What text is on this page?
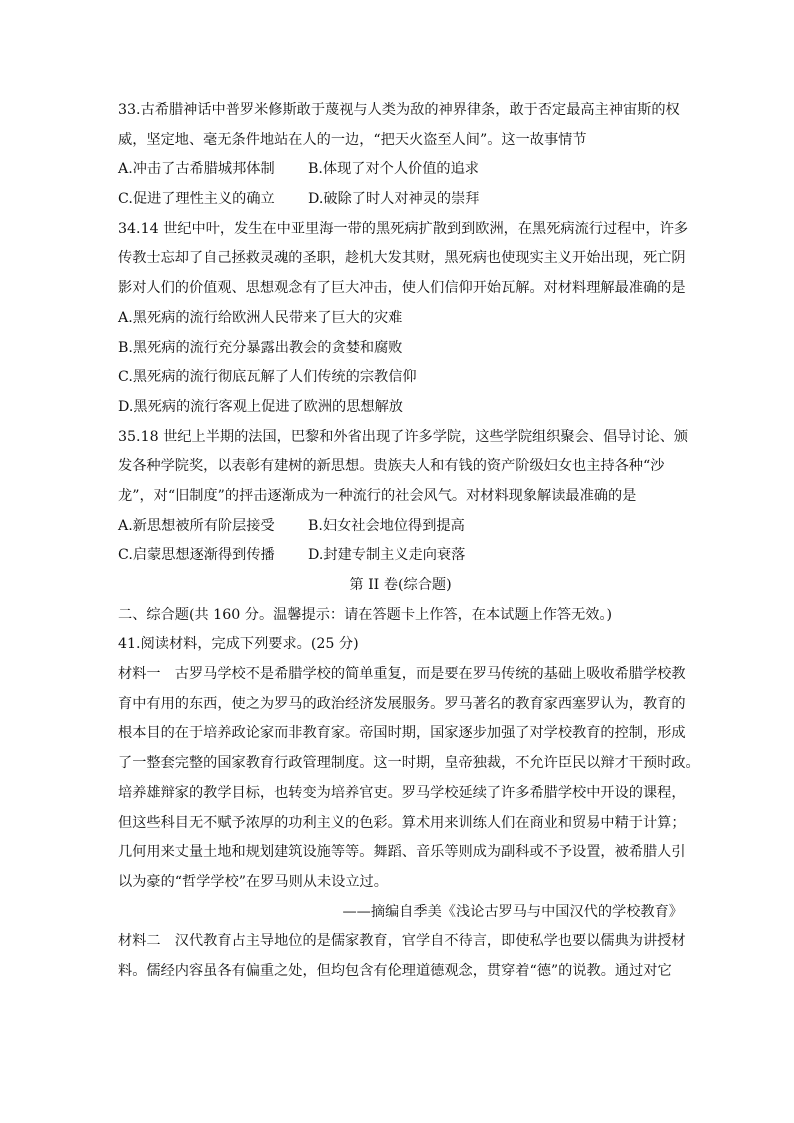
33.古希腊神话中普罗米修斯敢于蔑视与人类为敌的神界律条，敢于否定最高主神宙斯的权
威，坚定地、毫无条件地站在人的一边，“把天火盗至人间”。这一故事情节
A.冲击了古希腊城邦体制	B.体现了对个人价值的追求
C.促进了理性主义的确立	D.破除了时人对神灵的崇拜
34.14 世纪中叶，发生在中亚里海一带的黑死病扩散到到欧洲，在黑死病流行过程中，许多
传教士忘却了自己拯救灵魂的圣职，趁机大发其财，黑死病也使现实主义开始出现，死亡阴
影对人们的价值观、思想观念有了巨大冲击，使人们信仰开始瓦解。对材料理解最准确的是
A.黑死病的流行给欧洲人民带来了巨大的灾难
B.黑死病的流行充分暴露出教会的贪婪和腐败
C.黑死病的流行彻底瓦解了人们传统的宗教信仰
D.黑死病的流行客观上促进了欧洲的思想解放
35.18 世纪上半期的法国，巴黎和外省出现了许多学院，这些学院组织聚会、倡导讨论、颁
发各种学院奖，以表彰有建树的新思想。贵族夫人和有钱的资产阶级妇女也主持各种“沙
龙”，对“旧制度”的抨击逐渐成为一种流行的社会风气。对材料现象解读最准确的是
A.新思想被所有阶层接受	B.妇女社会地位得到提高
C.启蒙思想逐渐得到传播	D.封建专制主义走向衰落
第 II 卷(综合题)
二、综合题(共 160 分。温馨提示：请在答题卡上作答，在本试题上作答无效。)
41.阅读材料，完成下列要求。(25 分)
材料一　古罗马学校不是希腊学校的简单重复，而是要在罗马传统的基础上吸收希腊学校教
育中有用的东西，使之为罗马的政治经济发展服务。罗马著名的教育家西塞罗认为，教育的
根本目的在于培养政论家而非教育家。帝国时期，国家逐步加强了对学校教育的控制，形成
了一整套完整的国家教育行政管理制度。这一时期，皇帝独裁，不允许臣民以辩才干预时政。
培养雄辩家的教学目标，也转变为培养官吏。罗马学校延续了许多希腊学校中开设的课程，
但这些科目无不赋予浓厚的功利主义的色彩。算术用来训练人们在商业和贸易中精于计算；
几何用来丈量土地和规划建筑设施等等。舞蹈、音乐等则成为副科或不予设置，被希腊人引
以为豪的“哲学学校”在罗马则从未设立过。
——摘编自季美《浅论古罗马与中国汉代的学校教育》
材料二　汉代教育占主导地位的是儒家教育，官学自不待言，即使私学也要以儒典为讲授材
料。儒经内容虽各有偏重之处，但均包含有伦理道德观念，贯穿着“德”的说教。通过对它
